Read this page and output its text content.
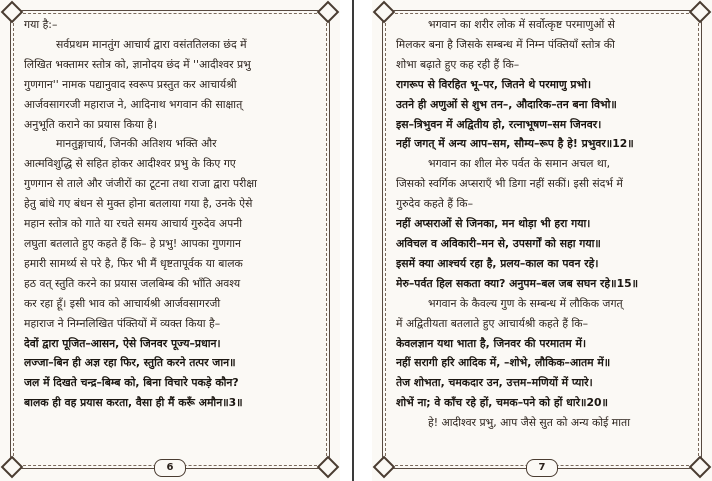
गया है:–
सर्वप्रथम मानतुंग आचार्य द्वारा वसंततिलका छंद में
लिखित भक्तामर स्तोत्र को, ज्ञानोदय छंद में ''आदीश्वर प्रभु
गुणगान'' नामक पद्यानुवाद स्वरूप प्रस्तुत कर आचार्यश्री
आर्जवसागरजी महाराज ने, आदिनाथ भगवान की साक्षात्
अनुभूति कराने का प्रयास किया है।
मानतुङ्गाचार्य, जिनकी अतिशय भक्ति और
आत्मविशुद्धि से सहित होकर आदीश्वर प्रभु के किए गए
गुणगान से ताले और जंजीरों का टूटना तथा राजा द्वारा परीक्षा
हेतु बांधे गए बंधन से मुक्त होना बतलाया गया है, उनके ऐसे
महान स्तोत्र को गाते या रचते समय आचार्य गुरुदेव अपनी
लघुता बतलाते हुए कहते हैं कि– हे प्रभु! आपका गुणगान
हमारी सामर्थ्य से परे है, फिर भी मैं धृष्टतापूर्वक या बालक
हठ वत् स्तुति करने का प्रयास जलबिम्ब की भाँति अवश्य
कर रहा हूँ। इसी भाव को आचार्यश्री आर्जवसागरजी
महाराज ने निम्नलिखित पंक्तियों में व्यक्त किया है–
देवों द्वारा पूजित–आसन, ऐसे जिनवर पूज्य–प्रधान।
लज्जा–बिन ही अज्ञ रहा फिर, स्तुति करने तत्पर जान॥
जल में दिखते चन्द्र–बिम्ब को, बिना विचारे पकड़े कौन?
बालक ही वह प्रयास करता, वैसा ही मैं करूँ अमौन॥3॥
6
भगवान का शरीर लोक में सर्वोत्कृष्ट परमाणुओं से
मिलकर बना है जिसके सम्बन्ध में निम्न पंक्तियाँ स्तोत्र की
शोभा बढ़ाते हुए कह रही हैं कि–
रागरूप से विरहित भू–पर, जितने थे परमाणु प्रभो।
उतने ही अणुओं से शुभ तन–, औदारिक–तन बना विभो॥
इस–त्रिभुवन में अद्वितीय हो, रत्नाभूषण–सम जिनवर।
नहीं जगत् में अन्य आप–सम, सौम्य–रूप है हे! प्रभुवर॥12॥
भगवान का शील मेरु पर्वत के समान अचल था,
जिसको स्वर्गिक अप्सराएँ भी डिगा नहीं सकीं। इसी संदर्भ में
गुरुदेव कहते हैं कि–
नहीं अप्सराओं से जिनका, मन थोड़ा भी हरा गया।
अविचल व अविकारी–मन से, उपसर्गों को सहा गया॥
इसमें क्या आश्चर्य रहा है, प्रलय–काल का पवन रहे।
मेरु–पर्वत हिल सकता क्या? अनुपम–बल जब सघन रहे॥15॥
भगवान के कैवल्य गुण के सम्बन्ध में लौकिक जगत्
में अद्वितीयता बतलाते हुए आचार्यश्री कहते हैं कि–
केवलज्ञान यथा भाता है, जिनवर की परमातम में।
नहीं सरागी हरि आदिक में, –शोभे, लौकिक–आतम में॥
तेज शोभता, चमकदार उन, उत्तम–मणियों में प्यारे।
शोभें ना; वे काँच रहे हों, चमक–पने को हों धारे॥20॥
हे! आदीश्वर प्रभु, आप जैसे सुत को अन्य कोई माता
7
